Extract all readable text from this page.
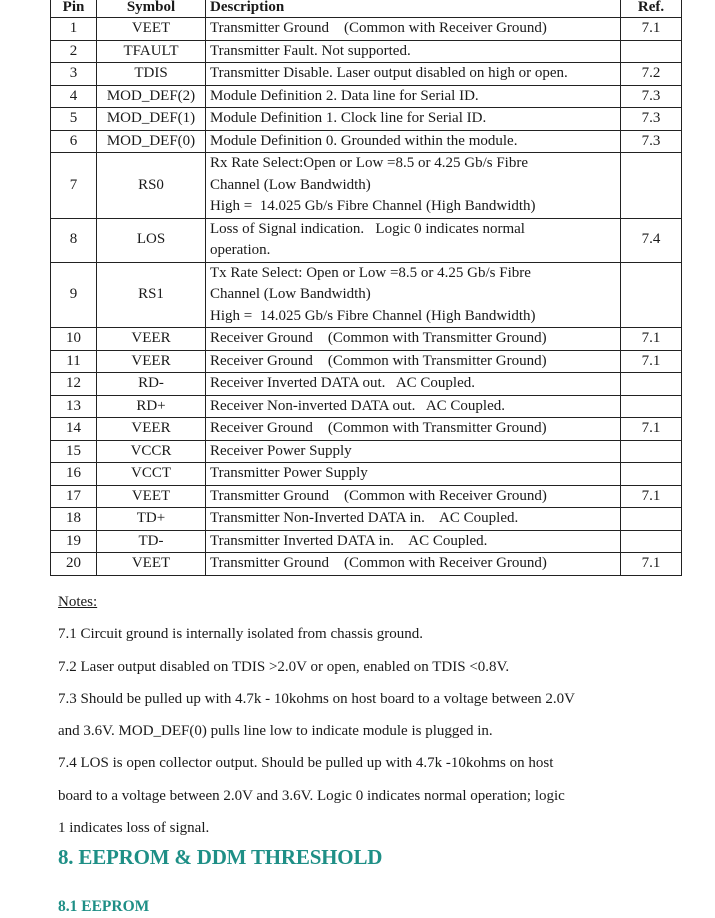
Pin	Symbol	Description	Ref.
1	VEET	Transmitter Ground    (Common with Receiver Ground)	7.1
2	TFAULT	Transmitter Fault. Not supported.	

3	TDIS	Transmitter Disable. Laser output disabled on high or open.	7.2
4	MOD_DEF(2)	Module Definition 2. Data line for Serial ID.	7.3
5	MOD_DEF(1)	Module Definition 1. Clock line for Serial ID.	7.3
6	MOD_DEF(0)	Module Definition 0. Grounded within the module.	7.3
7	RS0	Rx Rate Select:Open or Low =8.5 or 4.25 Gb/s Fibre
Channel (Low Bandwidth)
High =  14.025 Gb/s Fibre Channel (High Bandwidth)	

8	LOS	Loss of Signal indication.   Logic 0 indicates normal
operation.	7.4
9	RS1	Tx Rate Select: Open or Low =8.5 or 4.25 Gb/s Fibre
Channel (Low Bandwidth)
High =  14.025 Gb/s Fibre Channel (High Bandwidth)	

10	VEER	Receiver Ground    (Common with Transmitter Ground)	7.1
11	VEER	Receiver Ground    (Common with Transmitter Ground)	7.1
12	RD-	Receiver Inverted DATA out.   AC Coupled.	

13	RD+	Receiver Non-inverted DATA out.   AC Coupled.	

14	VEER	Receiver Ground    (Common with Transmitter Ground)	7.1
15	VCCR	Receiver Power Supply	

16	VCCT	Transmitter Power Supply	

17	VEET	Transmitter Ground    (Common with Receiver Ground)	7.1
18	TD+	Transmitter Non-Inverted DATA in.    AC Coupled.	

19	TD-	Transmitter Inverted DATA in.    AC Coupled.	

20	VEET	Transmitter Ground    (Common with Receiver Ground)	7.1

Notes:

7.1 Circuit ground is internally isolated from chassis ground.

7.2 Laser output disabled on TDIS >2.0V or open, enabled on TDIS <0.8V.

7.3 Should be pulled up with 4.7k - 10kohms on host board to a voltage between 2.0V

and 3.6V. MOD_DEF(0) pulls line low to indicate module is plugged in.

7.4 LOS is open collector output. Should be pulled up with 4.7k -10kohms on host

board to a voltage between 2.0V and 3.6V. Logic 0 indicates normal operation; logic

1 indicates loss of signal.

8. EEPROM & DDM THRESHOLD
8.1 EEPROM
